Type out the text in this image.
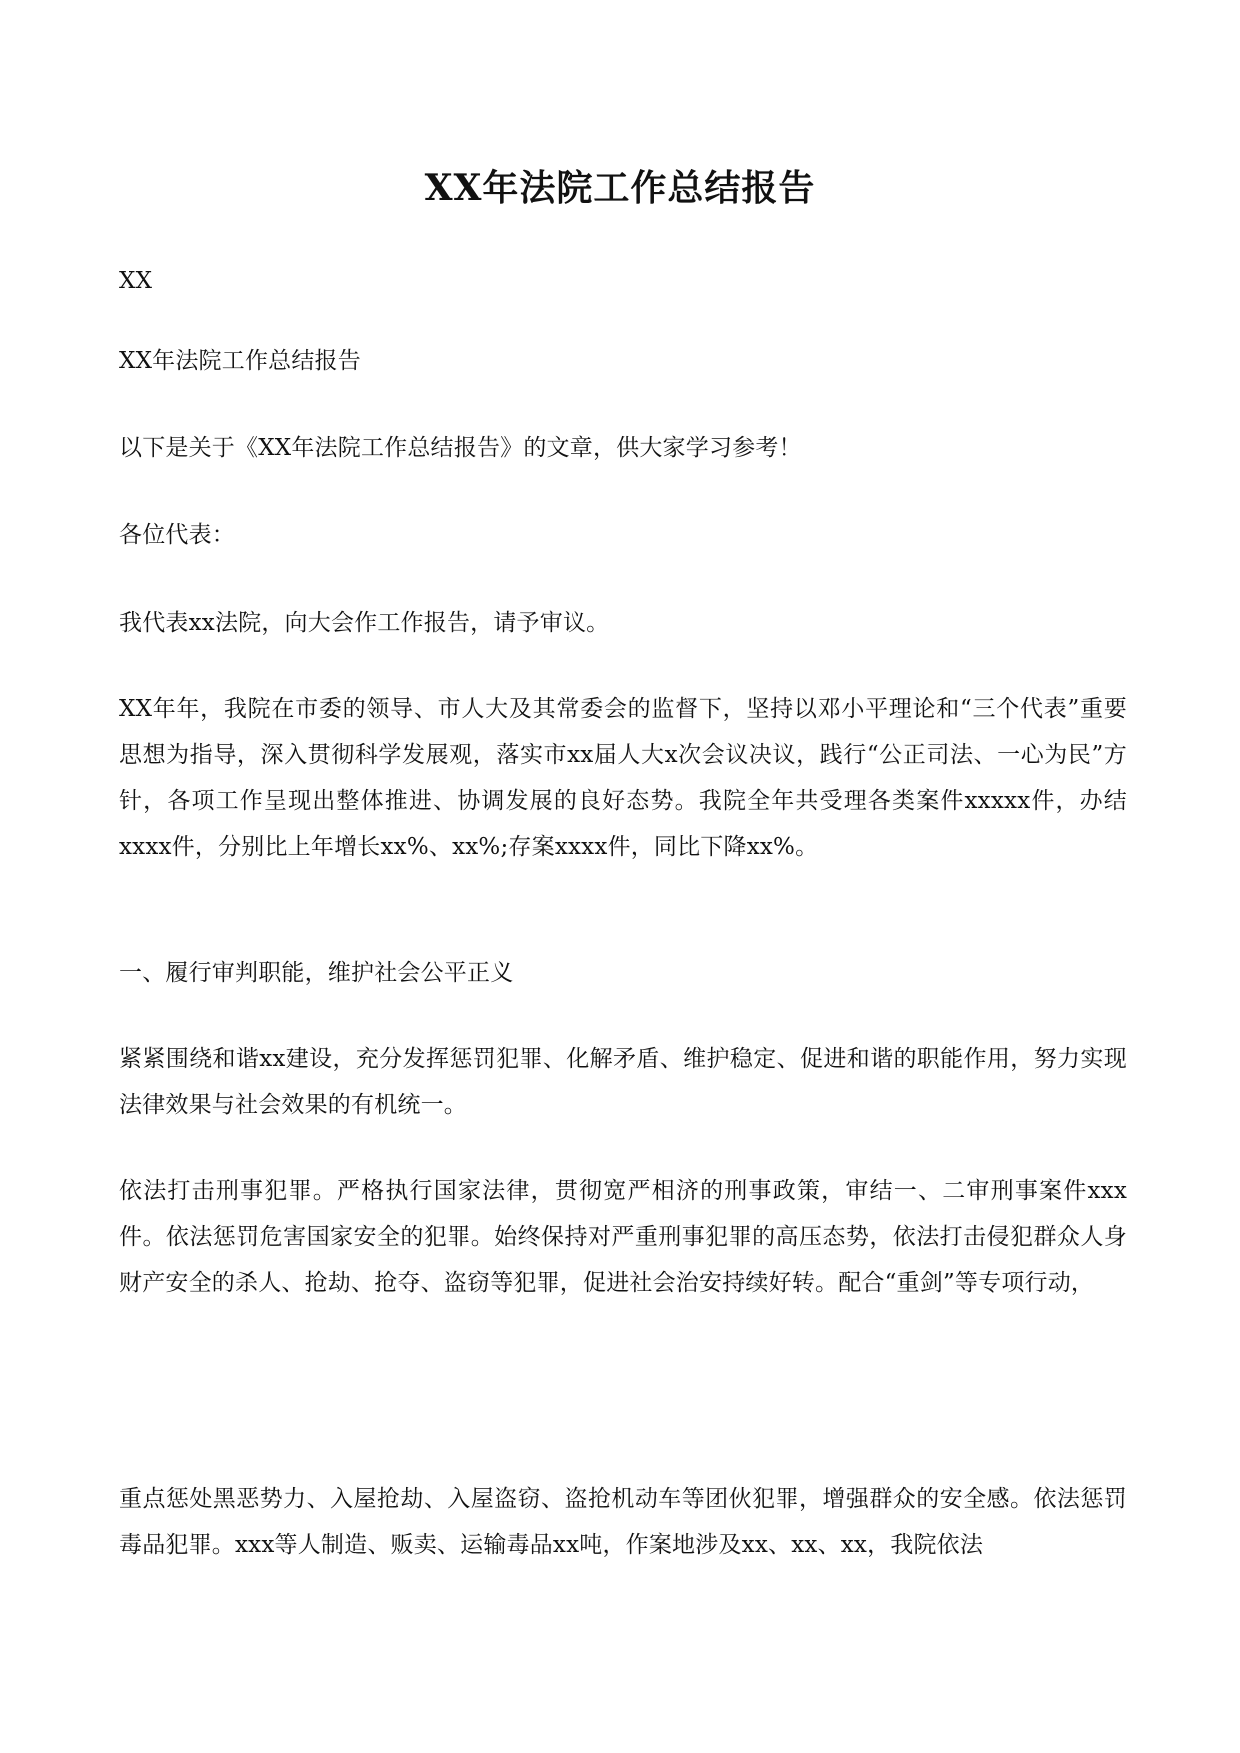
XX年法院工作总结报告

XX

XX年法院工作总结报告

以下是关于《XX年法院工作总结报告》的文章，供大家学习参考！

各位代表：

我代表xx法院，向大会作工作报告，请予审议。

XX年年，我院在市委的领导、市人大及其常委会的监督下，坚持以邓小平理论和“三个代表”重要思想为指导，深入贯彻科学发展观，落实市xx届人大x次会议决议，践行“公正司法、一心为民”方针，各项工作呈现出整体推进、协调发展的良好态势。我院全年共受理各类案件xxxxx件，办结xxxx件，分别比上年增长xx%、xx%;存案xxxx件，同比下降xx%。

一、履行审判职能，维护社会公平正义

紧紧围绕和谐xx建设，充分发挥惩罚犯罪、化解矛盾、维护稳定、促进和谐的职能作用，努力实现法律效果与社会效果的有机统一。

依法打击刑事犯罪。严格执行国家法律，贯彻宽严相济的刑事政策，审结一、二审刑事案件xxx件。依法惩罚危害国家安全的犯罪。始终保持对严重刑事犯罪的高压态势，依法打击侵犯群众人身财产安全的杀人、抢劫、抢夺、盗窃等犯罪，促进社会治安持续好转。配合“重剑”等专项行动，

重点惩处黑恶势力、入屋抢劫、入屋盗窃、盗抢机动车等团伙犯罪，增强群众的安全感。依法惩罚毒品犯罪。xxx等人制造、贩卖、运输毒品xx吨，作案地涉及xx、xx、xx，我院依法
